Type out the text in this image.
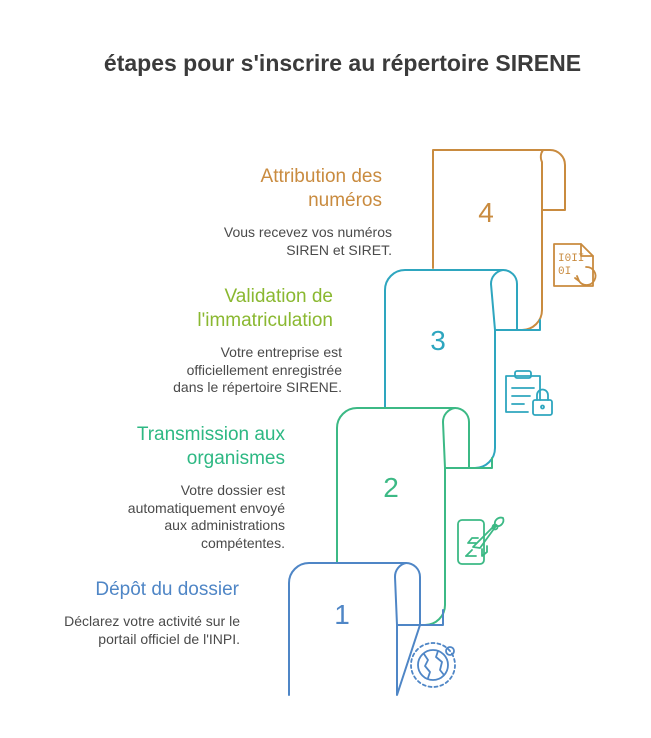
étapes pour s'inscrire au répertoire SIRENE
4
3
2
1
I0II
0I
Attribution des
numéros
Vous recevez vos numéros
SIREN et SIRET.
Validation de
l'immatriculation
Votre entreprise est
officiellement enregistrée
dans le répertoire SIRENE.
Transmission aux
organismes
Votre dossier est
automatiquement envoyé
aux administrations
compétentes.
Dépôt du dossier
Déclarez votre activité sur le
portail officiel de l'INPI.
